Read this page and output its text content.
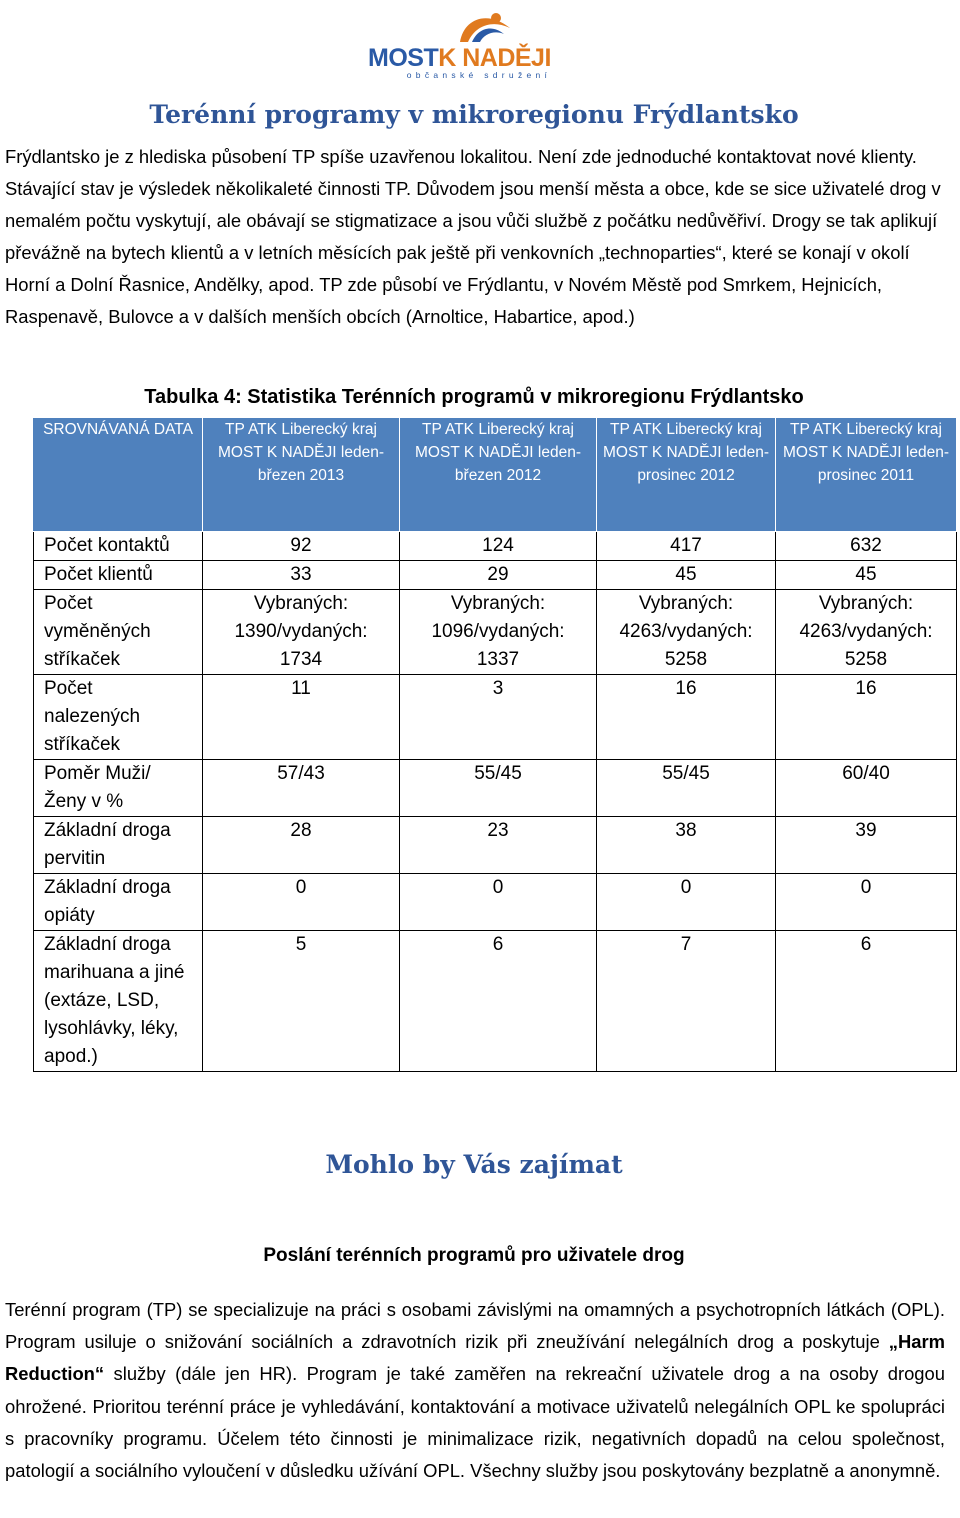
MOSTK NADĚJI
občanské sdružení
Terénní programy v mikroregionu Frýdlantsko

Frýdlantsko je z hlediska působení TP spíše uzavřenou lokalitou. Není zde jednoduché kontaktovat nové klienty. Stávající stav je výsledek několikaleté činnosti TP. Důvodem jsou menší města a obce, kde se sice uživatelé drog v nemalém počtu vyskytují, ale obávají se stigmatizace a jsou vůči službě z počátku nedůvěřiví. Drogy se tak aplikují převážně na bytech klientů a v letních měsících pak ještě při venkovních „technoparties“, které se konají v okolí Horní a Dolní Řasnice, Andělky, apod. TP zde působí ve Frýdlantu, v Novém Městě pod Smrkem, Hejnicích, Raspenavě, Bulovce a v dalších menších obcích (Arnoltice, Habartice, apod.)

Tabulka 4: Statistika Terénních programů v mikroregionu Frýdlantsko
SROVNÁVANÁ DATA	TP ATK Liberecký kraj MOST K NADĚJI leden-březen 2013	TP ATK Liberecký kraj MOST K NADĚJI leden-březen 2012	TP ATK Liberecký kraj MOST K NADĚJI leden-prosinec 2012	TP ATK Liberecký kraj MOST K NADĚJI leden-prosinec 2011
Počet kontaktů	92	124	417	632
Počet klientů	33	29	45	45
Počet vyměněných stříkaček	Vybraných: 1390/vydaných: 1734	Vybraných: 1096/vydaných: 1337	Vybraných: 4263/vydaných: 5258	Vybraných: 4263/vydaných: 5258
Počet nalezených stříkaček	11	3	16	16
Poměr Muži/Ženy v %	57/43	55/45	55/45	60/40
Základní droga pervitin	28	23	38	39
Základní droga opiáty	0	0	0	0
Základní droga marihuana a jiné (extáze, LSD, lysohlávky, léky, apod.)	5	6	7	6
Mohlo by Vás zajímat
Poslání terénních programů pro uživatele drog

Terénní program (TP) se specializuje na práci s osobami závislými na omamných a psychotropních látkách (OPL). Program usiluje o snižování sociálních a zdravotních rizik při zneužívání nelegálních drog a poskytuje „Harm Reduction“ služby (dále jen HR). Program je také zaměřen na rekreační uživatele drog a na osoby drogou ohrožené. Prioritou terénní práce je vyhledávání, kontaktování a motivace uživatelů nelegálních OPL ke spolupráci s pracovníky programu. Účelem této činnosti je minimalizace rizik, negativních dopadů na celou společnost, patologií a sociálního vyloučení v důsledku užívání OPL. Všechny služby jsou poskytovány bezplatně a anonymně.
